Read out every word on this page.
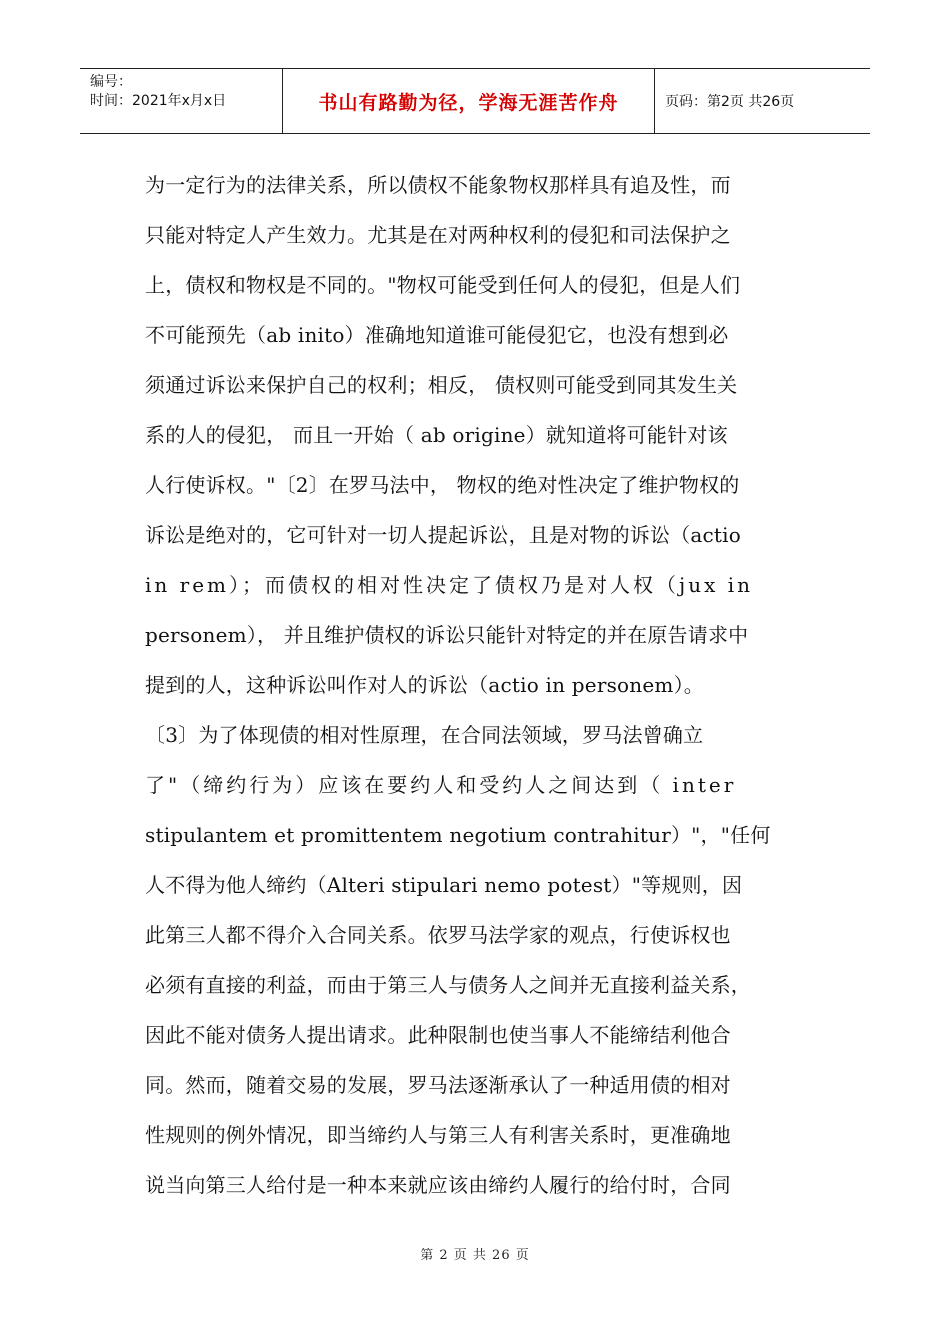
编号：
时间：2021年x月x日	书山有路勤为径，学海无涯苦作舟	页码：第2页 共26页
为一定行为的法律关系，所以债权不能象物权那样具有追及性，而
只能对特定人产生效力。尤其是在对两种权利的侵犯和司法保护之
上，债权和物权是不同的。"物权可能受到任何人的侵犯，但是人们
不可能预先（ab inito）准确地知道谁可能侵犯它，也没有想到必
须通过诉讼来保护自己的权利；相反， 债权则可能受到同其发生关
系的人的侵犯， 而且一开始（ ab origine）就知道将可能针对该
人行使诉权。"〔2〕在罗马法中， 物权的绝对性决定了维护物权的
诉讼是绝对的，它可针对一切人提起诉讼，且是对物的诉讼（actio
in rem）；而债权的相对性决定了债权乃是对人权（jux in
personem）， 并且维护债权的诉讼只能针对特定的并在原告请求中
提到的人，这种诉讼叫作对人的诉讼（actio in personem）。
〔3〕为了体现债的相对性原理，在合同法领域，罗马法曾确立
了"（缔约行为）应该在要约人和受约人之间达到（ inter
stipulantem et promittentem negotium contrahitur）"，"任何
人不得为他人缔约（Alteri stipulari nemo potest）"等规则，因
此第三人都不得介入合同关系。依罗马法学家的观点，行使诉权也
必须有直接的利益，而由于第三人与债务人之间并无直接利益关系，
因此不能对债务人提出请求。此种限制也使当事人不能缔结利他合
同。然而，随着交易的发展，罗马法逐渐承认了一种适用债的相对
性规则的例外情况，即当缔约人与第三人有利害关系时，更准确地
说当向第三人给付是一种本来就应该由缔约人履行的给付时，合同
第 2 页 共 26 页
